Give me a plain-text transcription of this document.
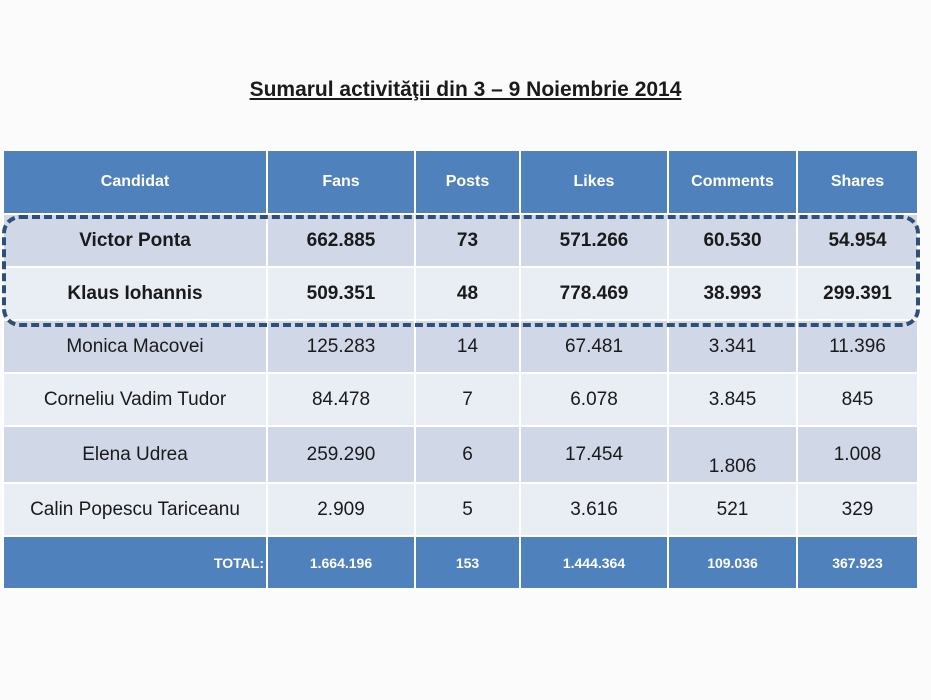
Sumarul activităţii din 3 – 9 Noiembrie 2014
Candidat	Fans	Posts	Likes	Comments	Shares
Victor Ponta	662.885	73	571.266	60.530	54.954
Klaus Iohannis	509.351	48	778.469	38.993	299.391
Monica Macovei	125.283	14	67.481	3.341	11.396
Corneliu Vadim Tudor	84.478	7	6.078	3.845	845
Elena Udrea	259.290	6	17.454	1.806	1.008
Calin Popescu Tariceanu	2.909	5	3.616	521	329
TOTAL:	1.664.196	153	1.444.364	109.036	367.923
